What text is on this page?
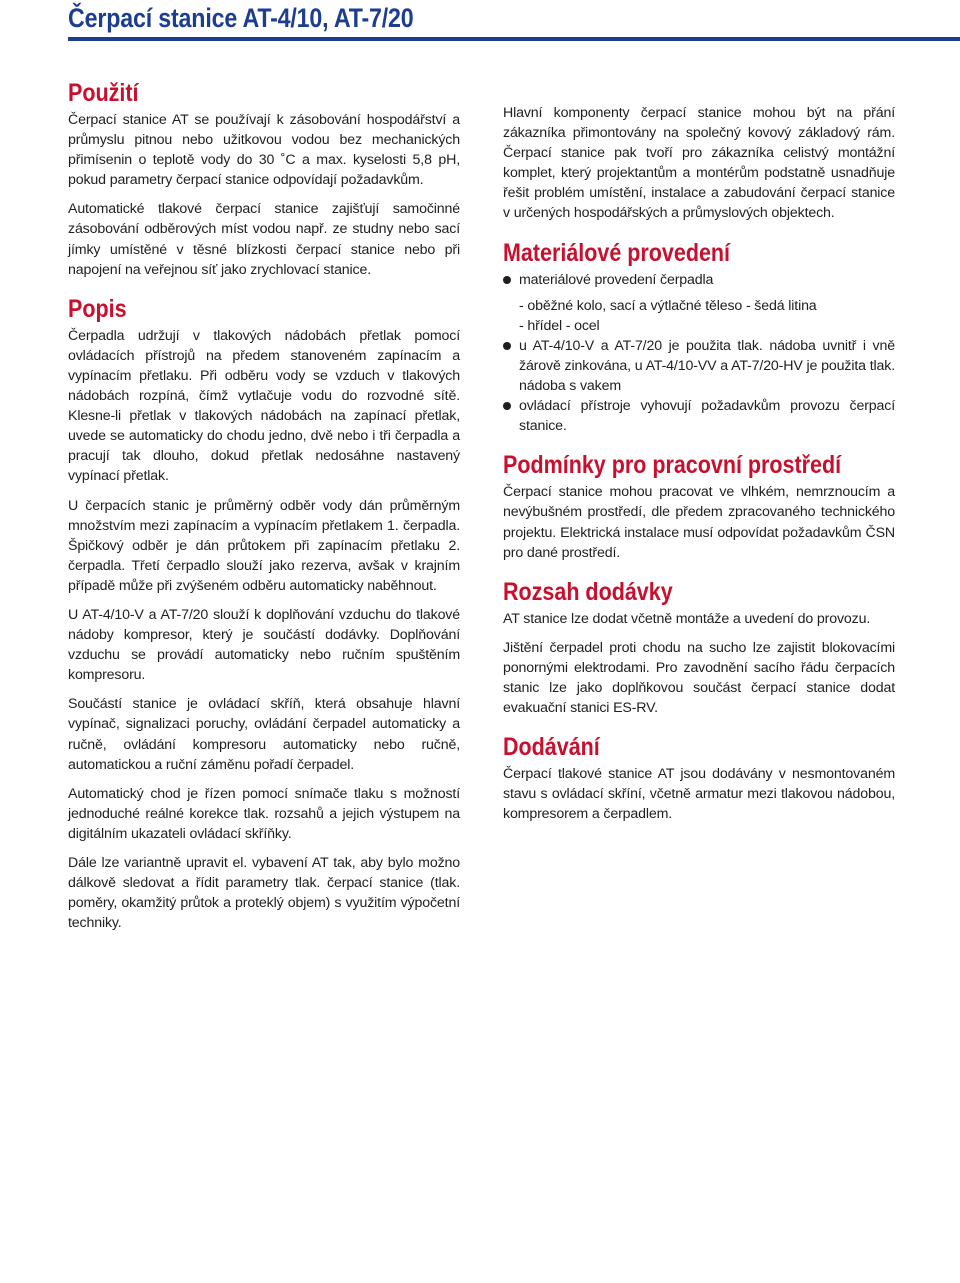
Čerpací stanice AT-4/10, AT-7/20
Použití

Čerpací stanice AT se používají k zásobování hospodářství a průmyslu pitnou nebo užitkovou vodou bez mechanických přimísenin o teplotě vody do 30 ˚C a max. kyselosti 5,8 pH, pokud parametry čerpací stanice odpovídají požadavkům.

Automatické tlakové čerpací stanice zajišťují samočinné zásobování odběrových míst vodou např. ze studny nebo sací jímky umístěné v těsné blízkosti čerpací stanice nebo při napojení na veřejnou síť jako zrychlovací stanice.

Popis

Čerpadla udržují v tlakových nádobách přetlak pomocí ovládacích přístrojů na předem stanoveném zapínacím a vypínacím přetlaku. Při odběru vody se vzduch v tlakových nádobách rozpíná, čímž vytlačuje vodu do rozvodné sítě. Klesne-li přetlak v tlakových nádobách na zapínací přetlak, uvede se automaticky do chodu jedno, dvě nebo i tři čerpadla a pracují tak dlouho, dokud přetlak nedosáhne nastavený vypínací přetlak.

U čerpacích stanic je průměrný odběr vody dán průměrným množstvím mezi zapínacím a vypínacím přetlakem 1. čerpadla. Špičkový odběr je dán průtokem při zapínacím přetlaku 2. čerpadla. Třetí čerpadlo slouží jako rezerva, avšak v krajním případě může při zvýšeném odběru automaticky naběhnout.

U AT-4/10-V a AT-7/20 slouží k doplňování vzduchu do tlakové nádoby kompresor, který je součástí dodávky. Doplňování vzduchu se provádí automaticky nebo ručním spuštěním kompresoru.

Součástí stanice je ovládací skříň, která obsahuje hlavní vypínač, signalizaci poruchy, ovládání čerpadel automaticky a ručně, ovládání kompresoru automaticky nebo ručně, automatickou a ruční záměnu pořadí čerpadel.

Automatický chod je řízen pomocí snímače tlaku s možností jednoduché reálné korekce tlak. rozsahů a jejich výstupem na digitálním ukazateli ovládací skříňky.

Dále lze variantně upravit el. vybavení AT tak, aby bylo možno dálkově sledovat a řídit parametry tlak. čerpací stanice (tlak. poměry, okamžitý průtok a proteklý objem) s využitím výpočetní techniky.

Hlavní komponenty čerpací stanice mohou být na přání zákazníka přimontovány na společný kovový základový rám. Čerpací stanice pak tvoří pro zákazníka celistvý montážní komplet, který projektantům a montérům podstatně usnadňuje řešit problém umístění, instalace a zabudování čerpací stanice v určených hospodářských a průmyslových objektech.

Materiálové provedení
materiálové provedení čerpadla
- oběžné kolo, sací a výtlačné těleso - šedá litina
- hřídel - ocel
u AT-4/10-V a AT-7/20 je použita tlak. nádoba uvnitř i vně žárově zinkována, u AT-4/10-VV a AT-7/20-HV je použita tlak. nádoba s vakem
ovládací přístroje vyhovují požadavkům provozu čerpací stanice.
Podmínky pro pracovní prostředí

Čerpací stanice mohou pracovat ve vlhkém, nemrznoucím a nevýbušném prostředí, dle předem zpracovaného technického projektu. Elektrická instalace musí odpovídat požadavkům ČSN pro dané prostředí.

Rozsah dodávky

AT stanice lze dodat včetně montáže a uvedení do provozu.

Jištění čerpadel proti chodu na sucho lze zajistit blokovacími ponornými elektrodami. Pro zavodnění sacího řádu čerpacích stanic lze jako doplňkovou součást čerpací stanice dodat evakuační stanici ES-RV.

Dodávání

Čerpací tlakové stanice AT jsou dodávány v nesmontovaném stavu s ovládací skříní, včetně armatur mezi tlakovou nádobou, kompresorem a čerpadlem.
